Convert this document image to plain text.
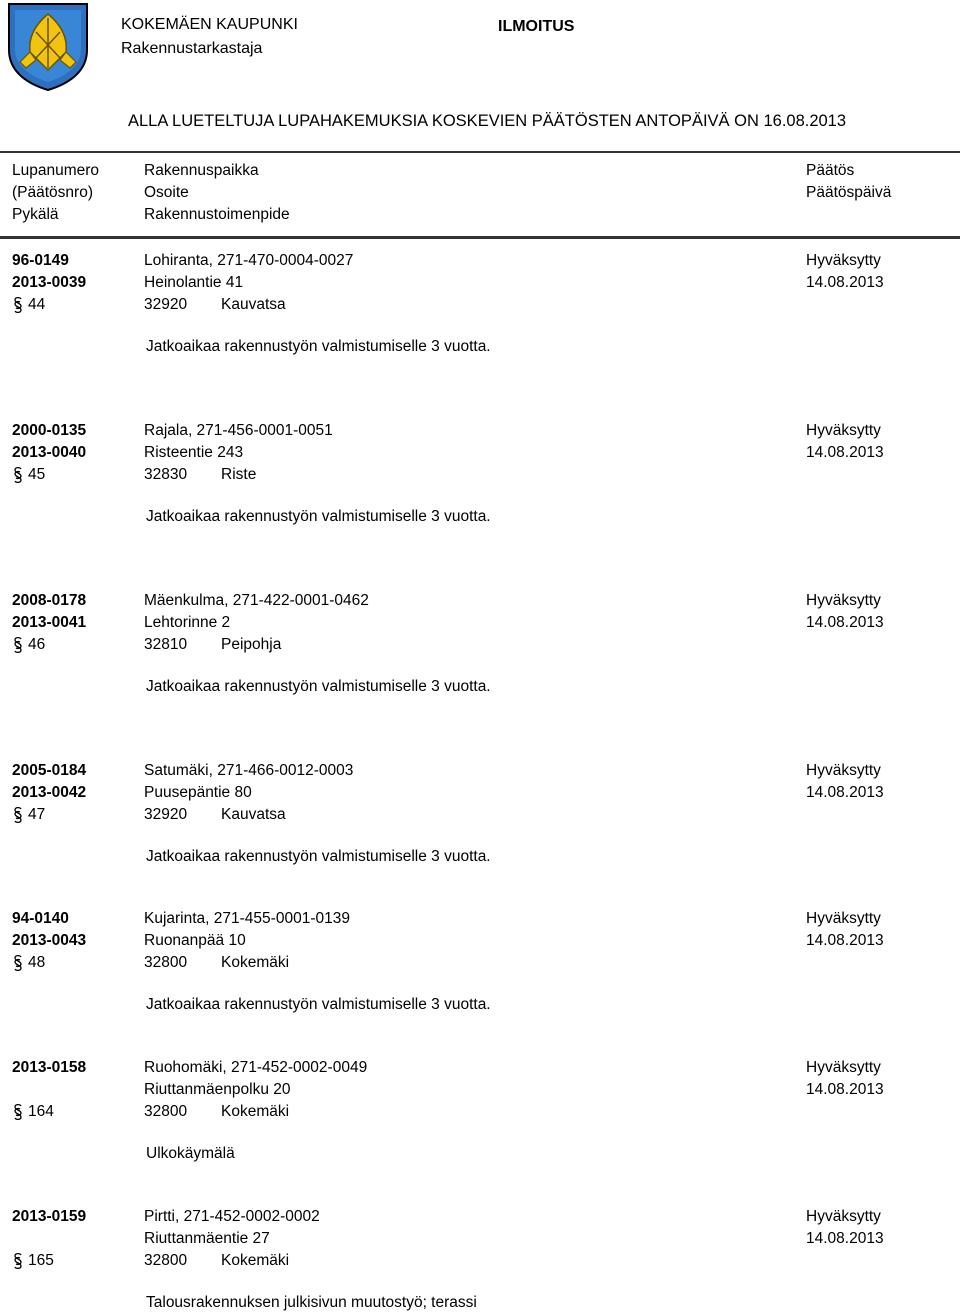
KOKEMÄEN KAUPUNKI
Rakennustarkastaja
ILMOITUS
ALLA LUETELTUJA LUPAHAKEMUKSIA KOSKEVIEN PÄÄTÖSTEN ANTOPÄIVÄ ON 16.08.2013
Lupanumero
(Päätösnro)
Pykälä
Rakennuspaikka
Osoite
Rakennustoimenpide
Päätös
Päätöspäivä
96-0149
2013-0039
44
Lohiranta, 271-470-0004-0027
Heinolantie 41
32920 Kauvatsa
Jatkoaikaa rakennustyön valmistumiselle 3 vuotta.
Hyväksytty
14.08.2013
2000-0135
2013-0040
45
Rajala, 271-456-0001-0051
Risteentie 243
32830 Riste
Jatkoaikaa rakennustyön valmistumiselle 3 vuotta.
Hyväksytty
14.08.2013
2008-0178
2013-0041
46
Mäenkulma, 271-422-0001-0462
Lehtorinne 2
32810 Peipohja
Jatkoaikaa rakennustyön valmistumiselle 3 vuotta.
Hyväksytty
14.08.2013
2005-0184
2013-0042
47
Satumäki, 271-466-0012-0003
Puusepäntie 80
32920 Kauvatsa
Jatkoaikaa rakennustyön valmistumiselle 3 vuotta.
Hyväksytty
14.08.2013
94-0140
2013-0043
48
Kujarinta, 271-455-0001-0139
Ruonanpää 10
32800 Kokemäki
Jatkoaikaa rakennustyön valmistumiselle 3 vuotta.
Hyväksytty
14.08.2013
2013-0158
164
Ruohomäki, 271-452-0002-0049
Riuttanmäenpolku 20
32800 Kokemäki
Ulkokäymälä
Hyväksytty
14.08.2013
2013-0159
165
Pirtti, 271-452-0002-0002
Riuttanmäentie 27
32800 Kokemäki
Talousrakennuksen julkisivun muutostyö; terassi
Hyväksytty
14.08.2013
